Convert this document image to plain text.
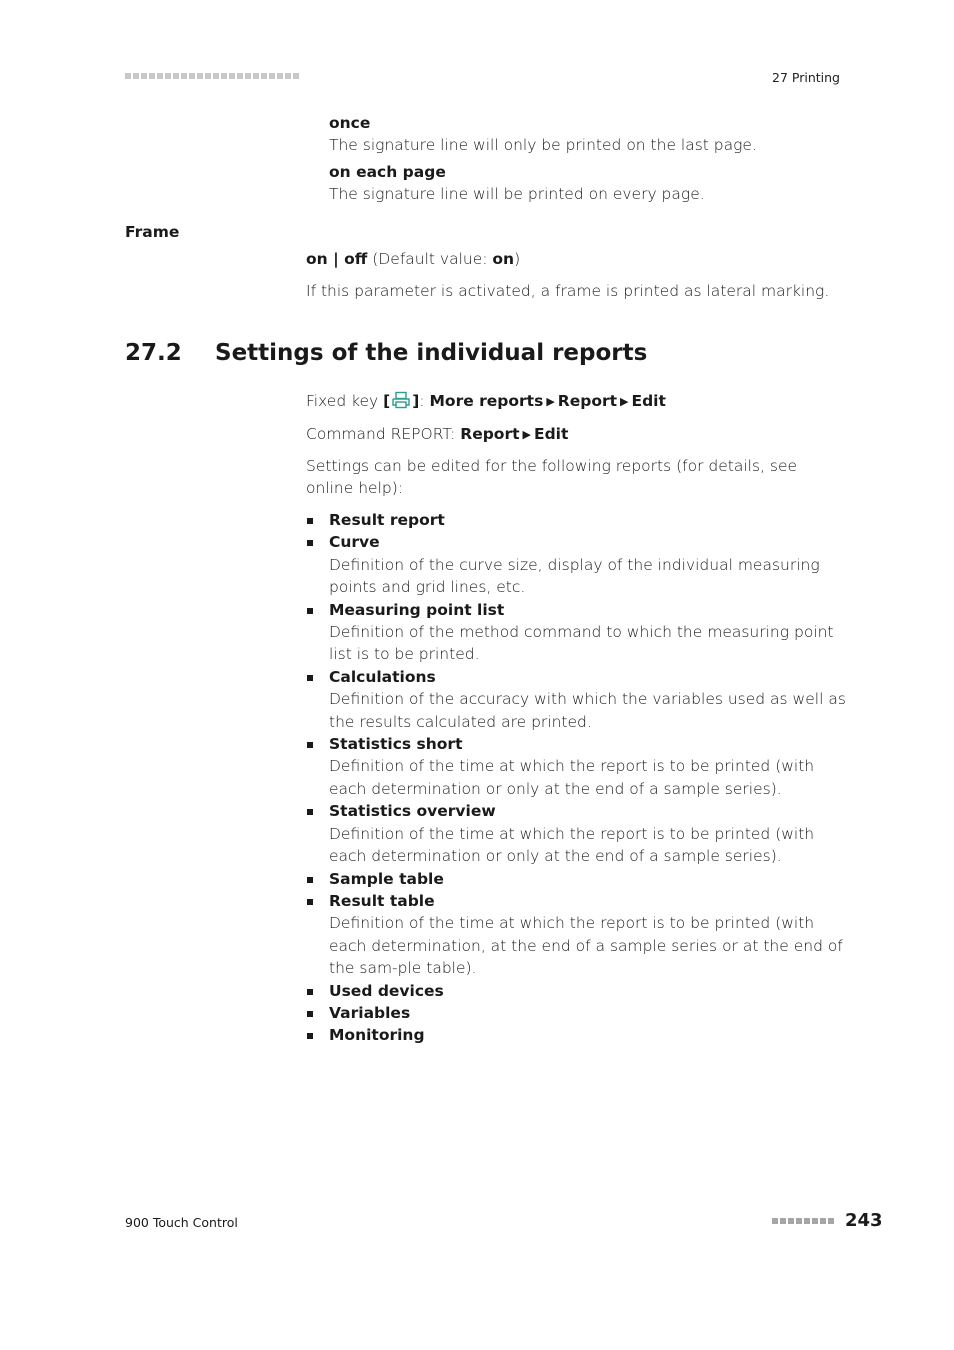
27 Printing
once
The signature line will only be printed on the last page.
on each page
The signature line will be printed on every page.
Frame
on | off (Default value: on)
If this parameter is activated, a frame is printed as lateral marking.
27.2 Settings of the individual reports
Fixed key [ ]: More reports ▶ Report ▶ Edit
Command REPORT: Report ▶ Edit
Settings can be edited for the following reports (for details, see online help):
Result report
Curve
Definition of the curve size, display of the individual measuring points and grid lines, etc.
Measuring point list
Definition of the method command to which the measuring point list is to be printed.
Calculations
Definition of the accuracy with which the variables used as well as the results calculated are printed.
Statistics short
Definition of the time at which the report is to be printed (with each determination or only at the end of a sample series).
Statistics overview
Definition of the time at which the report is to be printed (with each determination or only at the end of a sample series).
Sample table
Result table
Definition of the time at which the report is to be printed (with each determination, at the end of a sample series or at the end of the sam-ple table).
Used devices
Variables
Monitoring
900 Touch Control	243
